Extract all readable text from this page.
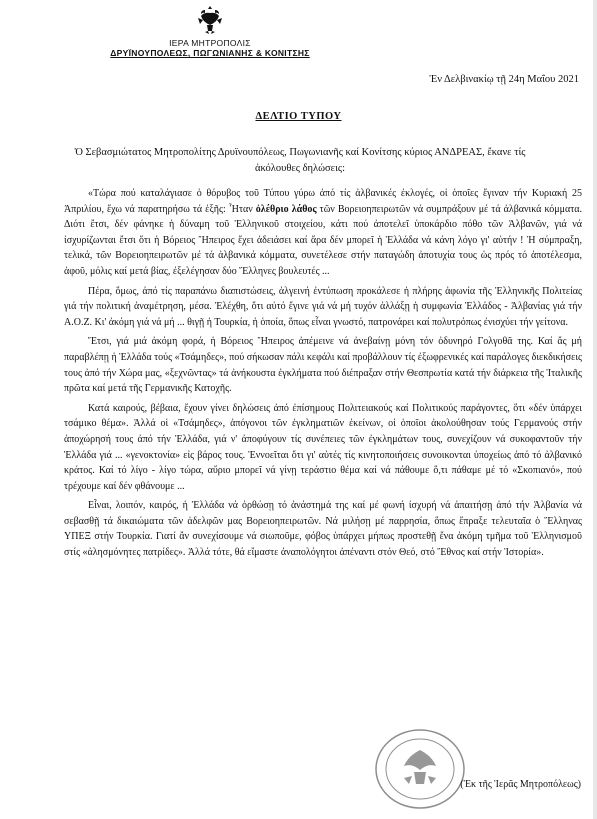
ΙΕΡΑ ΜΗΤΡΟΠΟΛΙΣ
ΔΡΥΪΝΟΥΠΟΛΕΩΣ, ΠΩΓΩΝΙΑΝΗΣ & ΚΟΝΙΤΣΗΣ
Ἐν Δελβινακίῳ τῇ 24η Μαΐου 2021
ΔΕΛΤΙΟ ΤΥΠΟΥ
Ὁ Σεβασμιώτατος Μητροπολίτης Δρυϊνουπόλεως, Πωγωνιανῆς καί Κονίτσης κύριος ΑΝΔΡΕΑΣ, ἔκανε τίς ἀκόλουθες δηλώσεις:

«Τώρα πού καταλάγιασε ὁ θόρυβος τοῦ Τύπου γύρω ἀπό τίς ἀλβανικές ἐκλογές, οἱ ὁποῖες ἔγιναν τήν Κυριακή 25 Ἀπριλίου, ἔχω νά παρατηρήσω τά ἑξῆς: Ἦταν ὀλέθριο λάθος τῶν Βορειοηπειρωτῶν νά συμπράξουν μέ τά ἀλβανικά κόμματα. Διότι ἔτσι, δέν φάνηκε ἡ δύναμη τοῦ Ἑλληνικοῦ στοιχείου, κάτι πού ἀποτελεῖ ὑποκάρδιο πόθο τῶν Ἀλβανῶν, γιά νά ἰσχυρίζωνται ἔτσι ὅτι ἡ Βόρειος Ἤπειρος ἔχει ἀδειάσει καί ἄρα δέν μπορεῖ ἡ Ἑλλάδα νά κάνη λόγο γι' αὐτήν ! Ἡ σύμπραξη, τελικά, τῶν Βορειοηπειρωτῶν μέ τά ἀλβανικά κόμματα, συνετέλεσε στήν παταγώδη ἀποτυχία τους ὡς πρός τό ἀποτέλεσμα, ἀφοῦ, μόλις καί μετά βίας, ἐξελέγησαν δύο Ἕλληνες βουλευτές ...

Πέρα, ὅμως, ἀπό τίς παραπάνω διαπιστώσεις, ἀλγεινή ἐντύπωση προκάλεσε ἡ πλήρης ἀφωνία τῆς Ἑλληνικῆς Πολιτείας γιά τήν πολιτική ἀναμέτρηση, μέσα. Ἐλέχθη, ὅτι αὐτό ἔγινε γιά νά μή τυχόν ἀλλάξῃ ἡ συμφωνία Ἑλλάδος - Ἀλβανίας γιά τήν Α.Ο.Ζ. Κι' ἀκόμη γιά νά μή ... θιγῇ ἡ Τουρκία, ἡ ὁποία, ὅπως εἶναι γνωστό, πατρονάρει καί πολυτρόπως ἐνισχύει τήν γείτονα.

Ἔτσι, γιά μιά ἀκόμη φορά, ἡ Βόρειος Ἤπειρος ἀπέμεινε νά ἀνεβαίνῃ μόνη τόν ὀδυνηρό Γολγοθᾶ της. Καί ἄς μή παραβλέπῃ ἡ Ἑλλάδα τούς «Τσάμηδες», πού σήκωσαν πάλι κεφάλι καί προβάλλουν τίς ἐξωφρενικές καί παράλογες διεκδικήσεις τους ἀπό τήν Χώρα μας, «ξεχνῶντας» τά ἀνήκουστα ἐγκλήματα πού διέπραξαν στήν Θεσπρωτία κατά τήν διάρκεια τῆς Ἰταλικῆς πρῶτα καί μετά τῆς Γερμανικῆς Κατοχῆς.

Κατά καιρούς, βέβαια, ἔχουν γίνει δηλώσεις ἀπό ἐπίσημους Πολιτειακούς καί Πολιτικούς παράγοντες, ὅτι «δέν ὑπάρχει τσάμικο θέμα». Ἀλλά οἱ «Τσάμηδες», ἀπόγονοι τῶν ἐγκληματιῶν ἐκείνων, οἱ ὁποῖοι ἀκολούθησαν τούς Γερμανούς στήν ἀποχώρησή τους ἀπό τήν Ἑλλάδα, γιά ν' ἀποφύγουν τίς συνέπειες τῶν ἐγκλημάτων τους, συνεχίζουν νά συκοφαντοῦν τήν Ἑλλάδα γιά ... «γενοκτονία» εἰς βάρος τους. Ἐννοεῖται ὅτι γι' αὐτές τίς κινητοποιήσεις συνοικονται ὑποχείως ἀπό τό ἀλβανικό κράτος. Καί τό λίγο - λίγο τώρα, αὔριο μπορεῖ νά γίνῃ τεράστιο θέμα καί νά πάθουμε ὅ,τι πάθαμε μέ τό «Σκοπιανό», πού τρέχουμε καί δέν φθάνουμε ...

Εἶναι, λοιπόν, καιρός, ἡ Ἑλλάδα νά ὀρθώσῃ τό ἀνάστημά της καί μέ φωνή ἰσχυρή νά ἀπαιτήσῃ ἀπό τήν Ἀλβανία νά σεβασθῇ τά δικαιώματα τῶν ἀδελφῶν μας Βορειοηπειρωτῶν. Νά μιλήσῃ μέ παρρησία, ὅπως ἔπραξε τελευταῖα ὁ Ἕλληνας ΥΠΕΞ στήν Τουρκία. Γιατί ἄν συνεχίσουμε νά σιωποῦμε, φόβος ὑπάρχει μήπως προστεθῇ ἕνα ἀκόμη τμῆμα τοῦ Ἑλληνισμοῦ στίς «ἀλησμόνητες πατρίδες». Ἀλλά τότε, θά εἴμαστε ἀναπολόγητοι ἀπέναντι στόν Θεό, στό Ἔθνος καί στήν Ἱστορία».

(Ἐκ τῆς Ἱερᾶς Μητροπόλεως)
